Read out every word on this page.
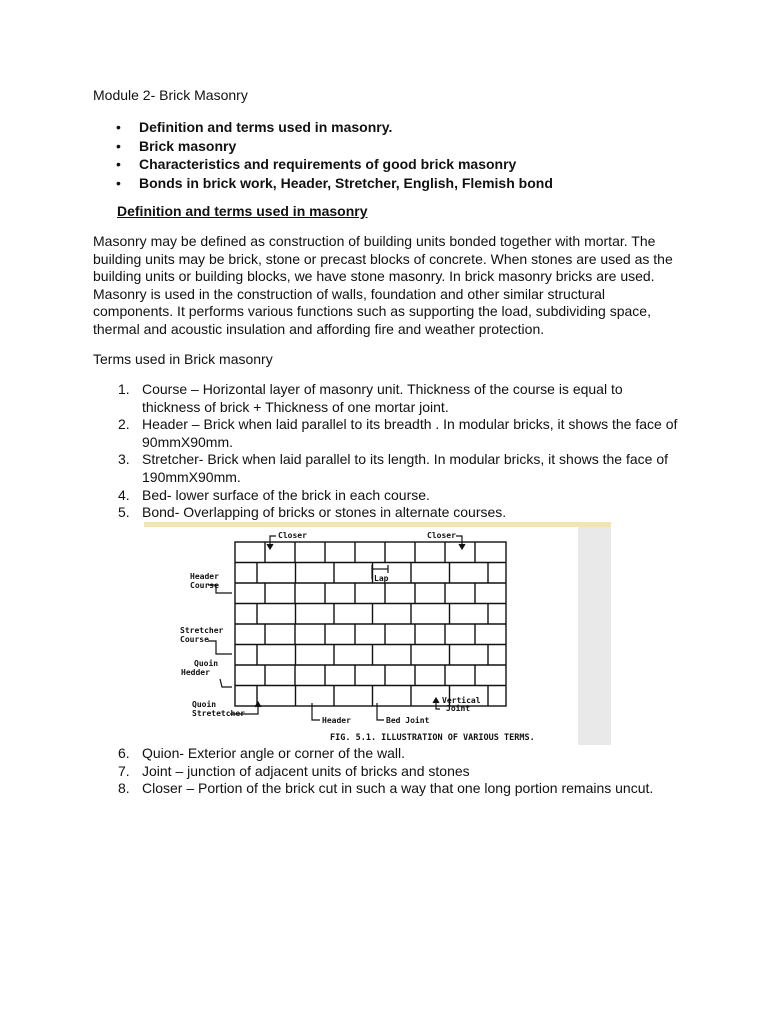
Module 2- Brick Masonry
• Definition and terms used in masonry.
• Brick masonry
• Characteristics and requirements of good brick masonry
• Bonds in brick work, Header, Stretcher, English, Flemish bond
Definition and terms used in masonry

Masonry may be defined as construction of building units bonded together with mortar. The building units may be brick, stone or precast blocks of concrete. When stones are used as the building units or building blocks, we have stone masonry. In brick masonry bricks are used. Masonry is used in the construction of walls, foundation and other similar structural components. It performs various functions such as supporting the load, subdividing space, thermal and acoustic insulation and affording fire and weather protection.

Terms used in Brick masonry
1. Course – Horizontal layer of masonry unit. Thickness of the course is equal to thickness of brick + Thickness of one mortar joint.
2. Header – Brick when laid parallel to its breadth . In modular bricks, it shows the face of 90mmX90mm.
3. Stretcher- Brick when laid parallel to its length. In modular bricks, it shows the face of 190mmX90mm.
4. Bed- lower surface of the brick in each course.
5. Bond- Overlapping of bricks or stones in alternate courses.
Closer	Closer
Lap
Header
Course
Stretcher
Course
Quoin
Hedder
Quoin
Stretetcher
Header	Bed Joint
Vertical
Joint
FIG. 5.1. ILLUSTRATION OF VARIOUS TERMS.
6. Quion- Exterior angle or corner of the wall.
7. Joint – junction of adjacent units of bricks and stones
8. Closer – Portion of the brick cut in such a way that one long portion remains uncut.
